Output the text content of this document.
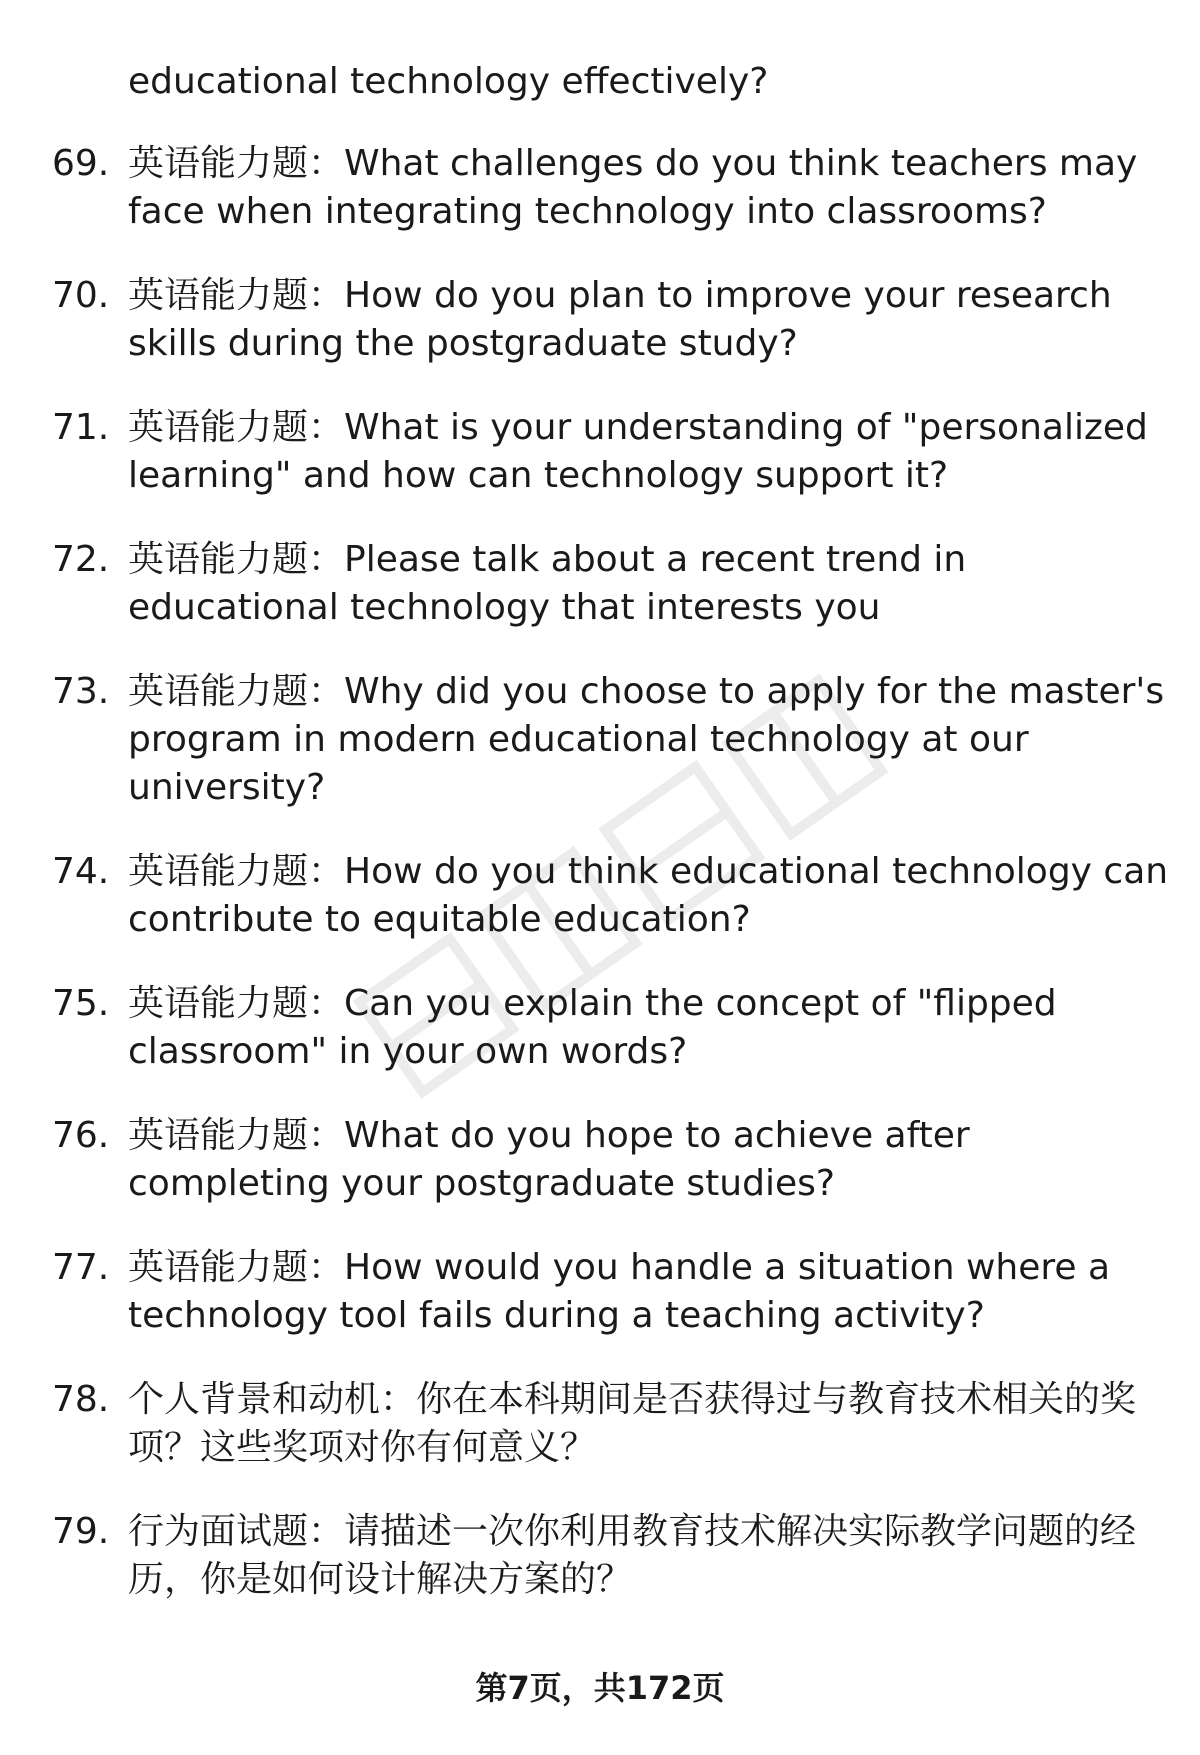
educational technology effectively?

69. 英语能力题：What challenges do you think teachers may face when integrating technology into classrooms?
70. 英语能力题：How do you plan to improve your research skills during the postgraduate study?
71. 英语能力题：What is your understanding of "personalized learning" and how can technology support it?
72. 英语能力题：Please talk about a recent trend in educational technology that interests you
73. 英语能力题：Why did you choose to apply for the master's program in modern educational technology at our university?
74. 英语能力题：How do you think educational technology can contribute to equitable education?
75. 英语能力题：Can you explain the concept of "flipped classroom" in your own words?
76. 英语能力题：What do you hope to achieve after completing your postgraduate studies?
77. 英语能力题：How would you handle a situation where a technology tool fails during a teaching activity?
78. 个人背景和动机：你在本科期间是否获得过与教育技术相关的奖项？这些奖项对你有何意义？
79. 行为面试题：请描述一次你利用教育技术解决实际教学问题的经历，你是如何设计解决方案的？
第7页，共172页
